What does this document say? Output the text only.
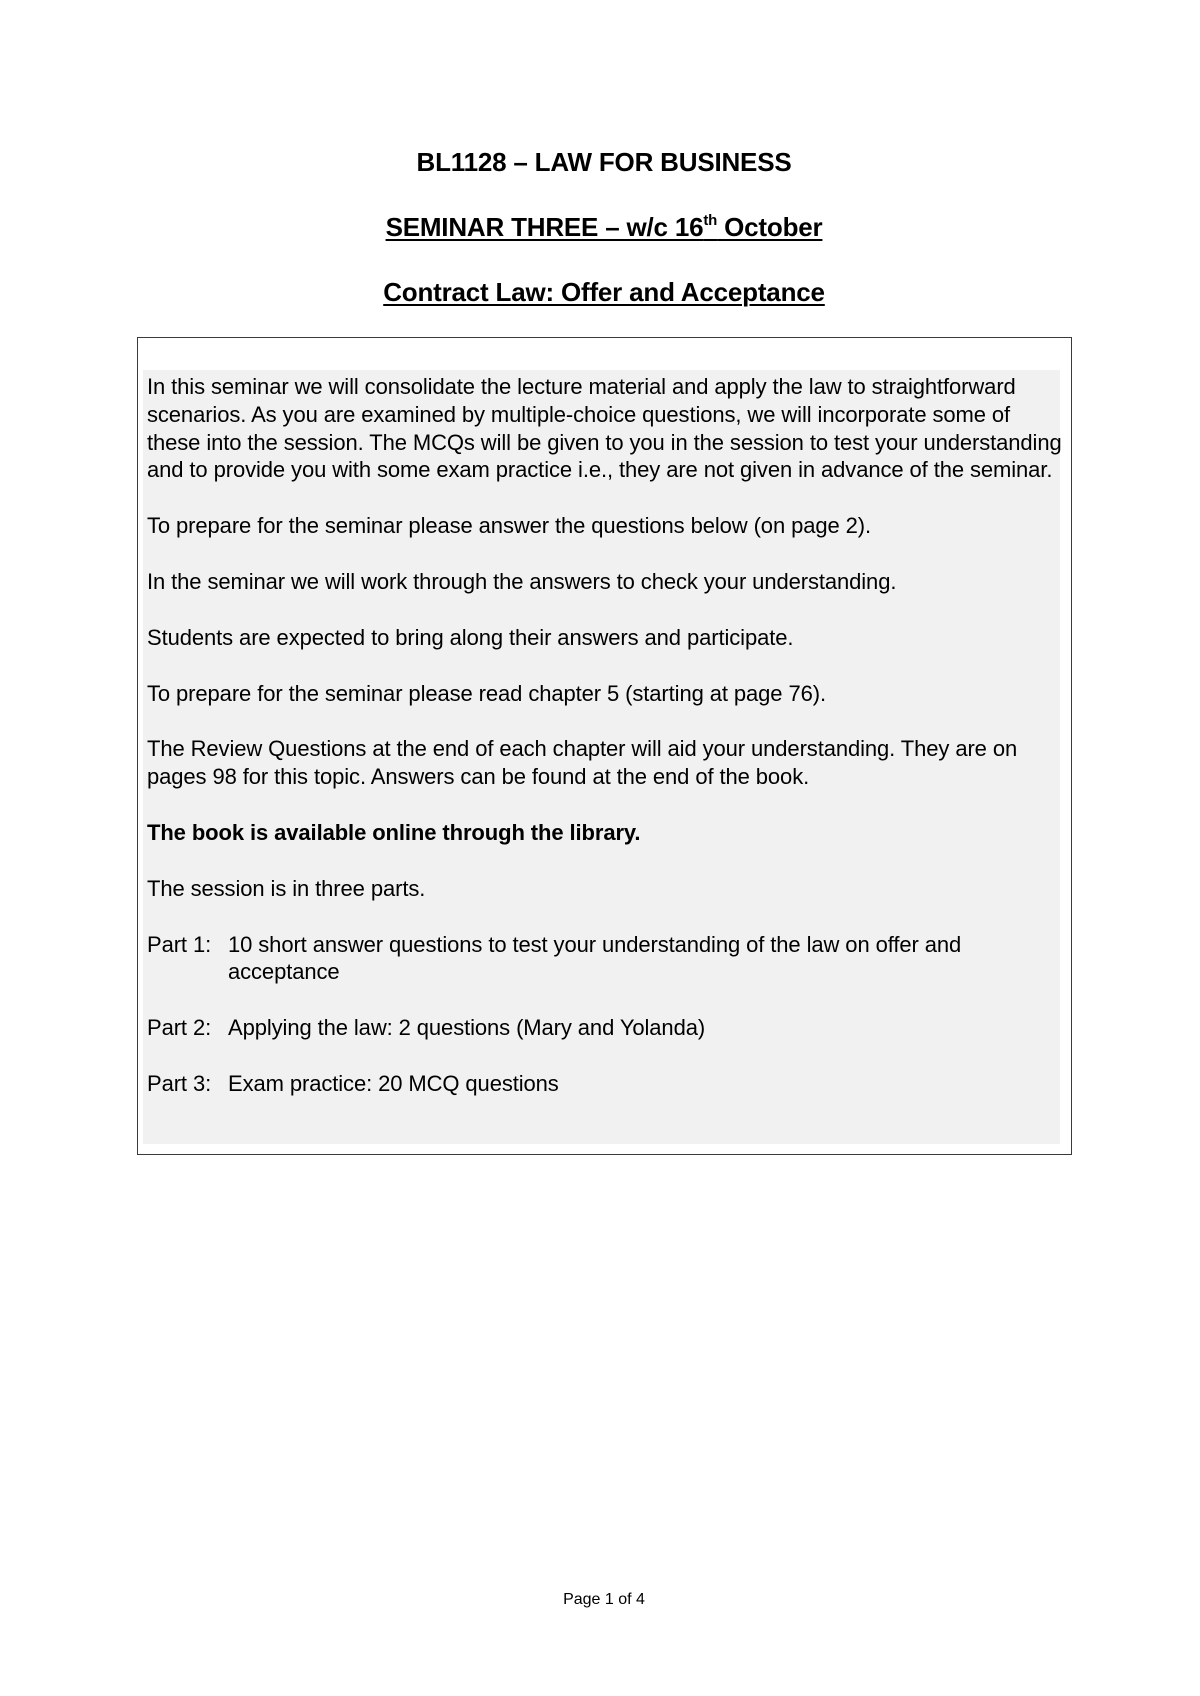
BL1128 – LAW FOR BUSINESS
SEMINAR THREE – w/c 16th October
Contract Law: Offer and Acceptance

In this seminar we will consolidate the lecture material and apply the law to straightforward scenarios. As you are examined by multiple-choice questions, we will incorporate some of these into the session. The MCQs will be given to you in the session to test your understanding and to provide you with some exam practice i.e., they are not given in advance of the seminar.

To prepare for the seminar please answer the questions below (on page 2).

In the seminar we will work through the answers to check your understanding.

Students are expected to bring along their answers and participate.

To prepare for the seminar please read chapter 5 (starting at page 76).

The Review Questions at the end of each chapter will aid your understanding. They are on pages 98 for this topic. Answers can be found at the end of the book.

The book is available online through the library.

The session is in three parts.

Part 1: 10 short answer questions to test your understanding of the law on offer and acceptance
Part 2: Applying the law: 2 questions (Mary and Yolanda)
Part 3: Exam practice: 20 MCQ questions
Page 1 of 4
